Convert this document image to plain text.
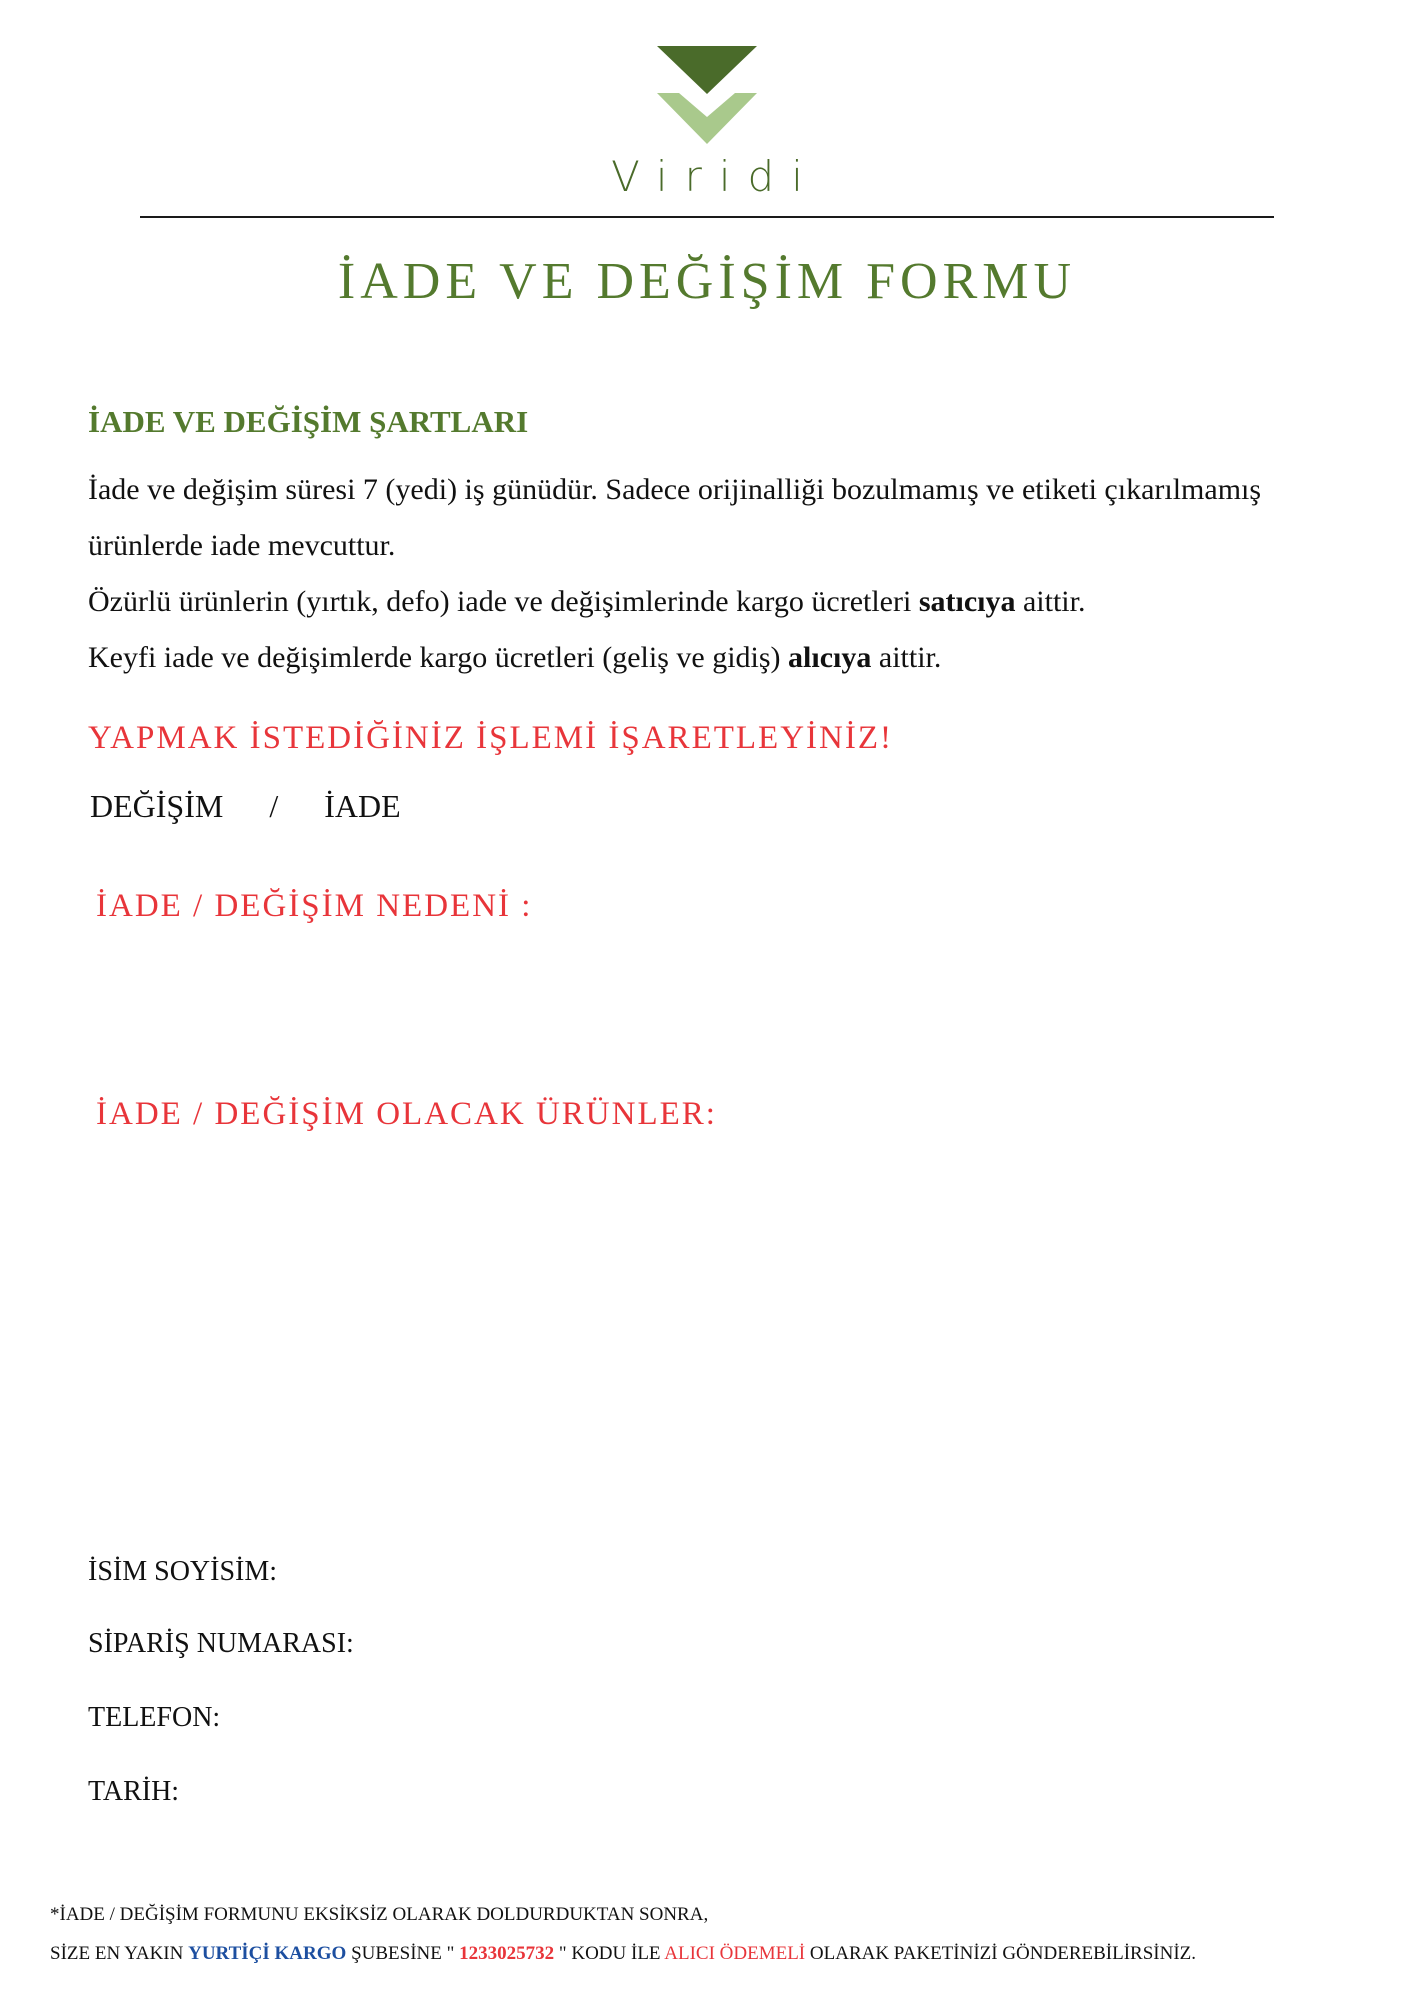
Viridi
İADE VE DEĞİŞİM FORMU
İADE VE DEĞİŞİM ŞARTLARI

İade ve değişim süresi 7 (yedi) iş günüdür. Sadece orijinalliği bozulmamış ve etiketi çıkarılmamış ürünlerde iade mevcuttur.

Özürlü ürünlerin (yırtık, defo) iade ve değişimlerinde kargo ücretleri satıcıya aittir.

Keyfi iade ve değişimlerde kargo ücretleri (geliş ve gidiş) alıcıya aittir.

YAPMAK İSTEDİĞİNİZ İŞLEMİ İŞARETLEYİNİZ!
DEĞİŞİM / İADE
İADE / DEĞİŞİM NEDENİ :
İADE / DEĞİŞİM OLACAK ÜRÜNLER:
İSİM SOYİSİM:
SİPARİŞ NUMARASI:
TELEFON:
TARİH:
*İADE / DEĞİŞİM FORMUNU EKSİKSİZ OLARAK DOLDURDUKTAN SONRA,
SİZE EN YAKIN YURTİÇİ KARGO ŞUBESİNE " 1233025732 " KODU İLE ALICI ÖDEMELİ OLARAK PAKETİNİZİ GÖNDEREBİLİRSİNİZ.
